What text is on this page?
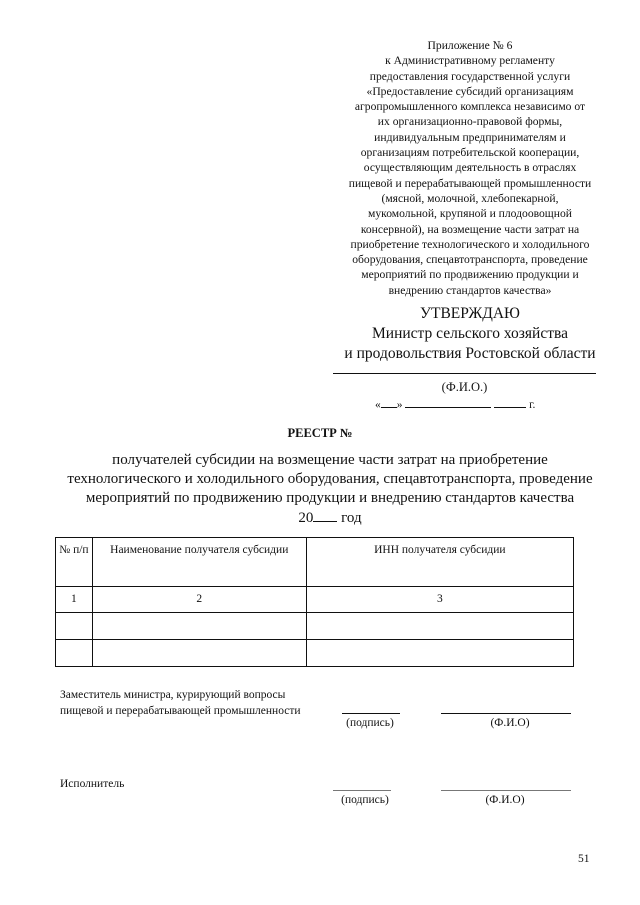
Приложение № 6
к Административному регламенту
предоставления государственной услуги
«Предоставление субсидий организациям
агропромышленного комплекса независимо от
их организационно-правовой формы,
индивидуальным предпринимателям и
организациям потребительской кооперации,
осуществляющим деятельность в отраслях
пищевой и перерабатывающей промышленности
(мясной, молочной, хлебопекарной,
мукомольной, крупяной и плодоовощной
консервной), на возмещение части затрат на
приобретение технологического и холодильного
оборудования, спецавтотранспорта, проведение
мероприятий по продвижению продукции и
внедрению стандартов качества»
УТВЕРЖДАЮ
Министр сельского хозяйства
и продовольствия Ростовской области
(Ф.И.О.)
« »	г.
РЕЕСТР №
получателей субсидии на возмещение части затрат на приобретение
технологического и холодильного оборудования, спецавтотранспорта, проведение
мероприятий по продвижению продукции и внедрению стандартов качества
20 год
№ п/п	Наименование получателя субсидии	ИНН получателя субсидии
1	2	3

Заместитель министра, курирующий вопросы
пищевой и перерабатывающей промышленности
(подпись)	(Ф.И.О)
Исполнитель
(подпись)	(Ф.И.О)
51
